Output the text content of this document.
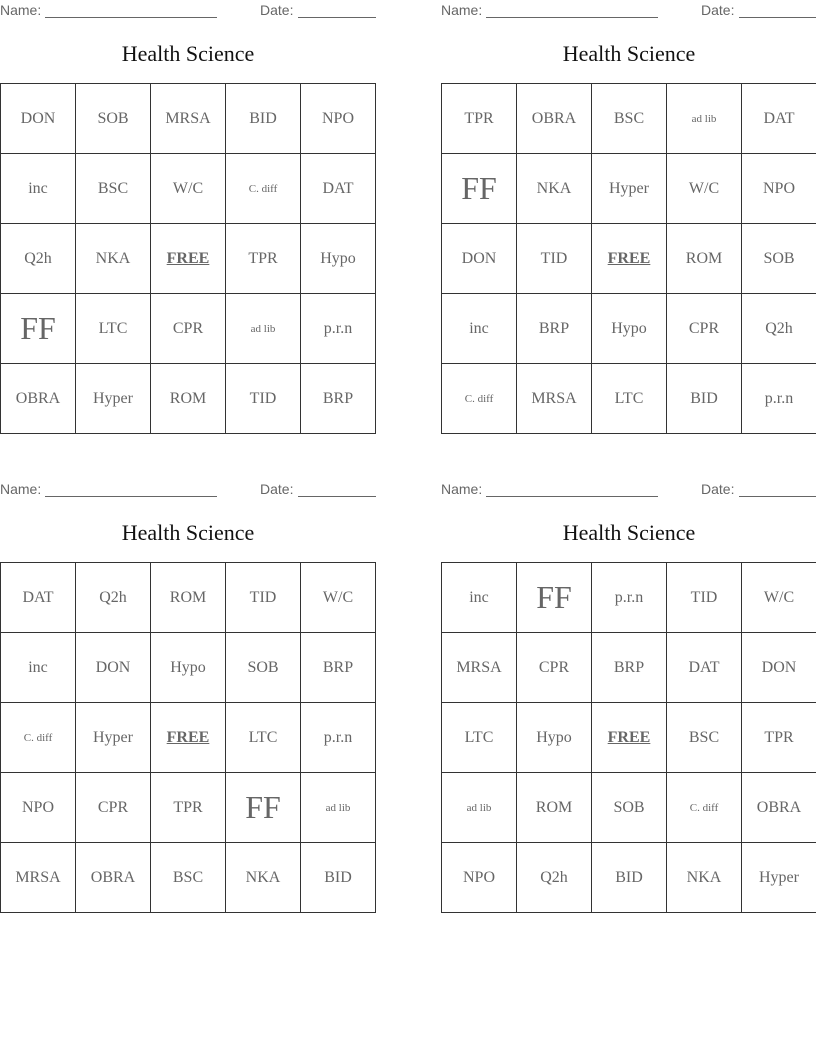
Name:	Date:
Health Science
DON	SOB	MRSA	BID	NPO
inc	BSC	W/C	C. diff	DAT
Q2h	NKA	FREE	TPR	Hypo
FF	LTC	CPR	ad lib	p.r.n
OBRA	Hyper	ROM	TID	BRP
Name:	Date:
Health Science
TPR	OBRA	BSC	ad lib	DAT
FF	NKA	Hyper	W/C	NPO
DON	TID	FREE	ROM	SOB
inc	BRP	Hypo	CPR	Q2h
C. diff	MRSA	LTC	BID	p.r.n
Name:	Date:
Health Science
DAT	Q2h	ROM	TID	W/C
inc	DON	Hypo	SOB	BRP
C. diff	Hyper	FREE	LTC	p.r.n
NPO	CPR	TPR	FF	ad lib
MRSA	OBRA	BSC	NKA	BID
Name:	Date:
Health Science
inc	FF	p.r.n	TID	W/C
MRSA	CPR	BRP	DAT	DON
LTC	Hypo	FREE	BSC	TPR
ad lib	ROM	SOB	C. diff	OBRA
NPO	Q2h	BID	NKA	Hyper
